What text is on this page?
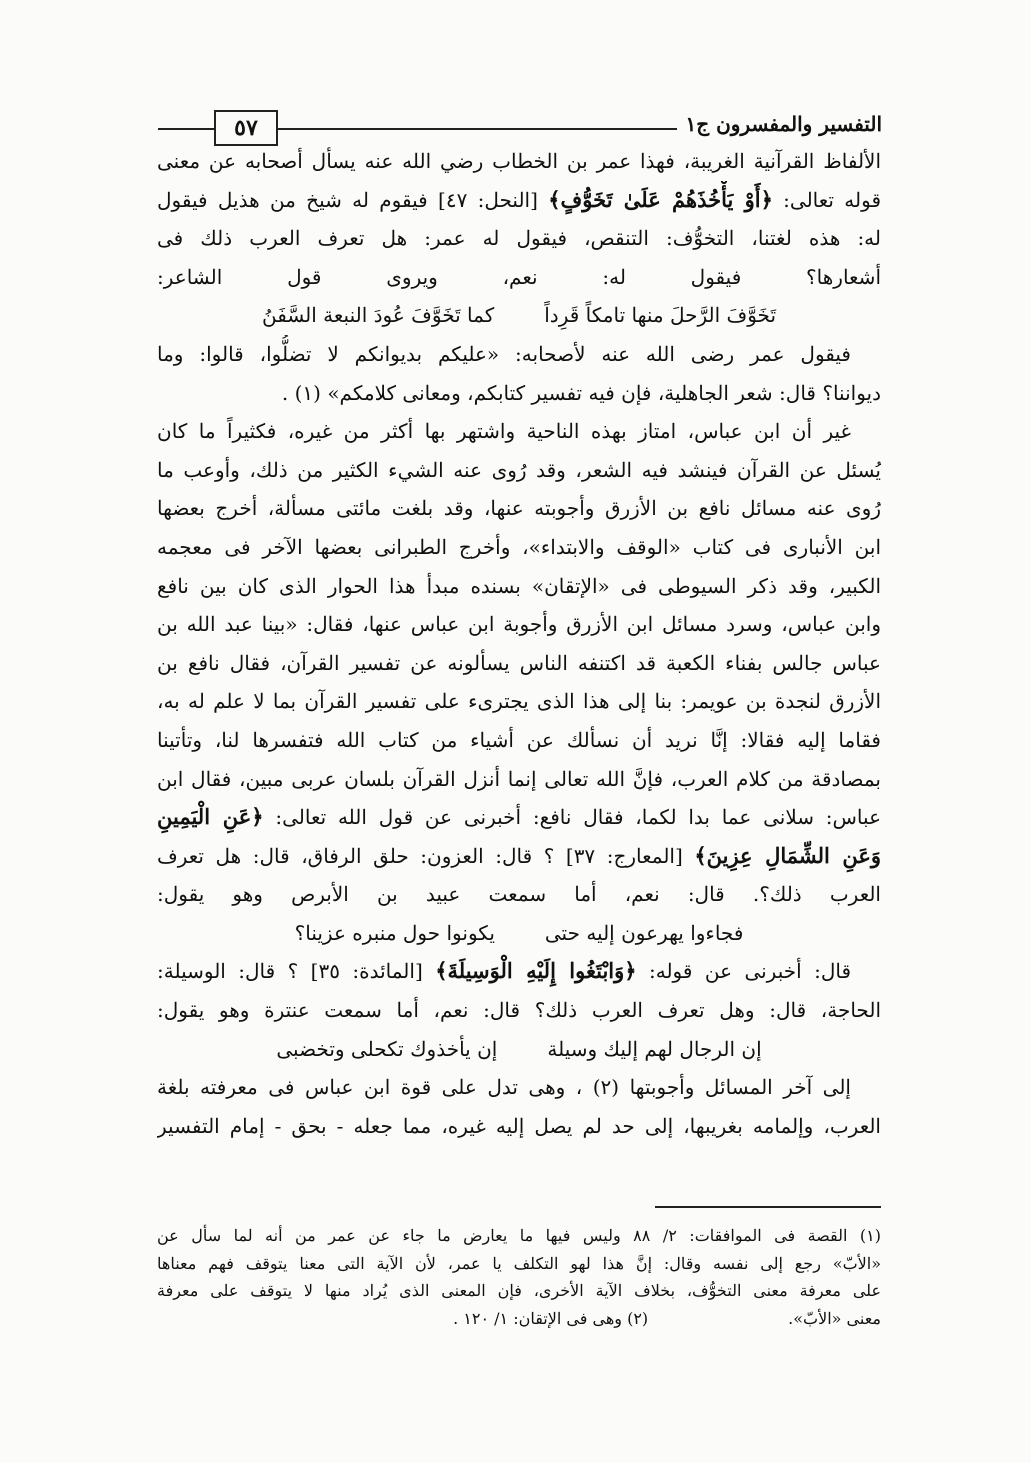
التفسير والمفسرون ج١
٥٧
الألفاظ القرآنية الغريبة، فهذا عمر بن الخطاب رضي الله عنه يسأل أصحابه عن معنى
قوله تعالى: ﴿أَوْ يَأْخُذَهُمْ عَلَىٰ تَخَوُّفٍ﴾ [النحل: ٤٧] فيقوم له شيخ من هذيل فيقول
له: هذه لغتنا، التخوُّف: التنقص، فيقول له عمر: هل تعرف العرب ذلك فى
أشعارها؟ فيقول له: نعم، ويروى قول الشاعر:
تَخَوَّفَ الرَّحلَ منها تامكاً قَرِداً
كما تَخَوَّفَ عُودَ النبعة السَّفَنُ
فيقول عمر رضى الله عنه لأصحابه: «عليكم بديوانكم لا تضلُّوا، قالوا: وما
ديواننا؟ قال: شعر الجاهلية، فإن فيه تفسير كتابكم، ومعانى كلامكم» (١) .
غير أن ابن عباس، امتاز بهذه الناحية واشتهر بها أكثر من غيره، فكثيراً ما كان
يُسئل عن القرآن فينشد فيه الشعر، وقد رُوى عنه الشيء الكثير من ذلك، وأوعب ما
رُوى عنه مسائل نافع بن الأزرق وأجوبته عنها، وقد بلغت مائتى مسألة، أخرج بعضها
ابن الأنبارى فى كتاب «الوقف والابتداء»، وأخرج الطبرانى بعضها الآخر فى معجمه
الكبير، وقد ذكر السيوطى فى «الإتقان» بسنده مبدأ هذا الحوار الذى كان بين نافع
وابن عباس، وسرد مسائل ابن الأزرق وأجوبة ابن عباس عنها، فقال: «بينا عبد الله بن
عباس جالس بفناء الكعبة قد اكتنفه الناس يسألونه عن تفسير القرآن، فقال نافع بن
الأزرق لنجدة بن عويمر: بنا إلى هذا الذى يجترىء على تفسير القرآن بما لا علم له به،
فقاما إليه فقالا: إنَّا نريد أن نسألك عن أشياء من كتاب الله فتفسرها لنا، وتأتينا
بمصادقة من كلام العرب، فإنَّ الله تعالى إنما أنزل القرآن بلسان عربى مبين، فقال ابن
عباس: سلانى عما بدا لكما، فقال نافع: أخبرنى عن قول الله تعالى: ﴿عَنِ الْيَمِينِ
وَعَنِ الشِّمَالِ عِزِينَ﴾ [المعارج: ٣٧] ؟ قال: العزون: حلق الرفاق، قال: هل تعرف
العرب ذلك؟. قال: نعم، أما سمعت عبيد بن الأبرص وهو يقول:
فجاءوا يهرعون إليه حتى
يكونوا حول منبره عزينا؟
قال: أخبرنى عن قوله: ﴿وَابْتَغُوا إِلَيْهِ الْوَسِيلَةَ﴾ [المائدة: ٣٥] ؟ قال: الوسيلة:
الحاجة، قال: وهل تعرف العرب ذلك؟ قال: نعم، أما سمعت عنترة وهو يقول:
إن الرجال لهم إليك وسيلة
إن يأخذوك تكحلى وتخضبى
إلى آخر المسائل وأجوبتها (٢) ، وهى تدل على قوة ابن عباس فى معرفته بلغة
العرب، وإلمامه بغريبها، إلى حد لم يصل إليه غيره، مما جعله - بحق - إمام التفسير
(١) القصة فى الموافقات: ٢/ ٨٨ وليس فيها ما يعارض ما جاء عن عمر من أنه لما سأل عن
«الأبّ» رجع إلى نفسه وقال: إنَّ هذا لهو التكلف يا عمر، لأن الآية التى معنا يتوقف فهم معناها
على معرفة معنى التخوُّف، بخلاف الآية الأخرى، فإن المعنى الذى يُراد منها لا يتوقف على معرفة
معنى «الأبّ».
(٢) وهى فى الإتقان: ١/ ١٢٠ .
